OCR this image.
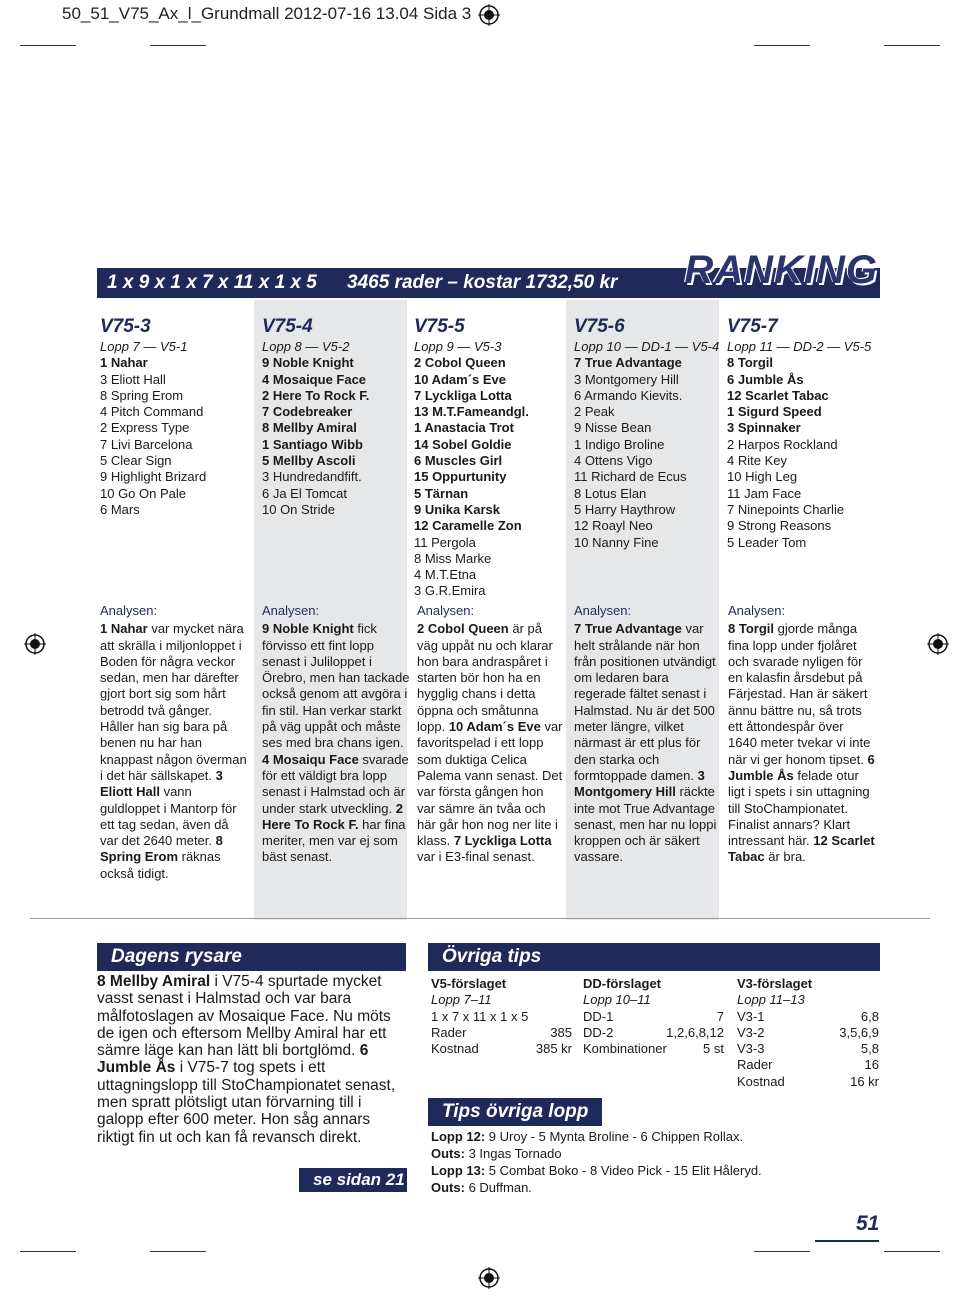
50_51_V75_Ax_l_Grundmall 2012-07-16 13.04 Sida 3
1 x 9 x 1 x 7 x 11 x 1 x 5 3465 rader – kostar 1732,50 kr RANKING
V75-3
Lopp 7 — V5-1
1 Nahar
3 Eliott Hall
8 Spring Erom
4 Pitch Command
2 Express Type
7 Livi Barcelona
5 Clear Sign
9 Highlight Brizard
10 Go On Pale
6 Mars
V75-4
Lopp 8 — V5-2
9 Noble Knight
4 Mosaique Face
2 Here To Rock F.
7 Codebreaker
8 Mellby Amiral
1 Santiago Wibb
5 Mellby Ascoli
3 Hundredandfift.
6 Ja El Tomcat
10 On Stride
V75-5
Lopp 9 — V5-3
2 Cobol Queen
10 Adam´s Eve
7 Lyckliga Lotta
13 M.T.Fameandgl.
1 Anastacia Trot
14 Sobel Goldie
6 Muscles Girl
15 Oppurtunity
5 Tärnan
9 Unika Karsk
12 Caramelle Zon
11 Pergola
8 Miss Marke
4 M.T.Etna
3 G.R.Emira
V75-6
Lopp 10 — DD-1 — V5-4
7 True Advantage
3 Montgomery Hill
6 Armando Kievits.
2 Peak
9 Nisse Bean
1 Indigo Broline
4 Ottens Vigo
11 Richard de Ecus
8 Lotus Elan
5 Harry Haythrow
12 Roayl Neo
10 Nanny Fine
V75-7
Lopp 11 — DD-2 — V5-5
8 Torgil
6 Jumble Ås
12 Scarlet Tabac
1 Sigurd Speed
3 Spinnaker
2 Harpos Rockland
4 Rite Key
10 High Leg
11 Jam Face
7 Ninepoints Charlie
9 Strong Reasons
5 Leader Tom
Analysen:
1 Nahar var mycket nära att skrälla i miljonloppet i Boden för några veckor sedan, men har därefter gjort bort sig som hårt betrodd två gånger. Håller han sig bara på benen nu har han knappast någon överman i det här sällskapet. 3 Eliott Hall vann guldloppet i Mantorp för ett tag sedan, även då var det 2640 meter. 8 Spring Erom räknas också tidigt.
Analysen:
9 Noble Knight fick förvisso ett fint lopp senast i Juliloppet i Örebro, men han tackade också genom att avgöra i fin stil. Han verkar starkt på väg uppåt och måste ses med bra chans igen. 4 Mosaiqu Face svarade för ett väldigt bra lopp senast i Halmstad och är under stark utveckling. 2 Here To Rock F. har fina meriter, men var ej som bäst senast.
Analysen:
2 Cobol Queen är på väg uppåt nu och klarar hon bara andraspåret i starten bör hon ha en hygglig chans i detta öppna och småtunna lopp. 10 Adam´s Eve var favoritspelad i ett lopp som duktiga Celica Palema vann senast. Det var första gången hon var sämre än tvåa och här går hon nog ner lite i klass. 7 Lyckliga Lotta var i E3-final senast.
Analysen:
7 True Advantage var helt strålande när hon från positionen utvändigt om ledaren bara regerade fältet senast i Halmstad. Nu är det 500 meter längre, vilket närmast är ett plus för den starka och formtoppade damen. 3 Montgomery Hill räckte inte mot True Advantage senast, men har nu loppi kroppen och är säkert vassare.
Analysen:
8 Torgil gjorde många fina lopp under fjolåret och svarade nyligen för en kalasfin årsdebut på Färjestad. Han är säkert ännu bättre nu, så trots ett åttondespår över 1640 meter tvekar vi inte när vi ger honom tipset. 6 Jumble Ås felade otur ligt i spets i sin uttagning till StoChampionatet. Finalist annars? Klart intressant här. 12 Scarlet Tabac är bra.
Dagens rysare
8 Mellby Amiral i V75-4 spurtade mycket vasst senast i Halmstad och var bara målfotoslagen av Mosaique Face. Nu möts de igen och eftersom Mellby Amiral har ett sämre läge kan han lätt bli bortglömd. 6 Jumble Ås i V75-7 tog spets i ett uttagningslopp till StoChampionatet senast, men spratt plötsligt utan förvarning till i galopp efter 600 meter. Hon såg annars riktigt fin ut och kan få revansch direkt.
se sidan 21
Övriga tips
V5-förslaget
Lopp 7–11
1 x 7 x 11 x 1 x 5
Rader	385
Kostnad	385 kr
DD-förslaget
Lopp 10–11
DD-1	7
DD-2	1,2,6,8,12
Kombinationer	5 st
V3-förslaget
Lopp 11–13
V3-1	6,8
V3-2	3,5,6,9
V3-3	5,8
Rader	16
Kostnad	16 kr
Tips övriga lopp
Lopp 12: 9 Uroy - 5 Mynta Broline - 6 Chippen Rollax.
Outs: 3 Ingas Tornado
Lopp 13: 5 Combat Boko - 8 Video Pick - 15 Elit Håleryd.
Outs: 6 Duffman.
51
